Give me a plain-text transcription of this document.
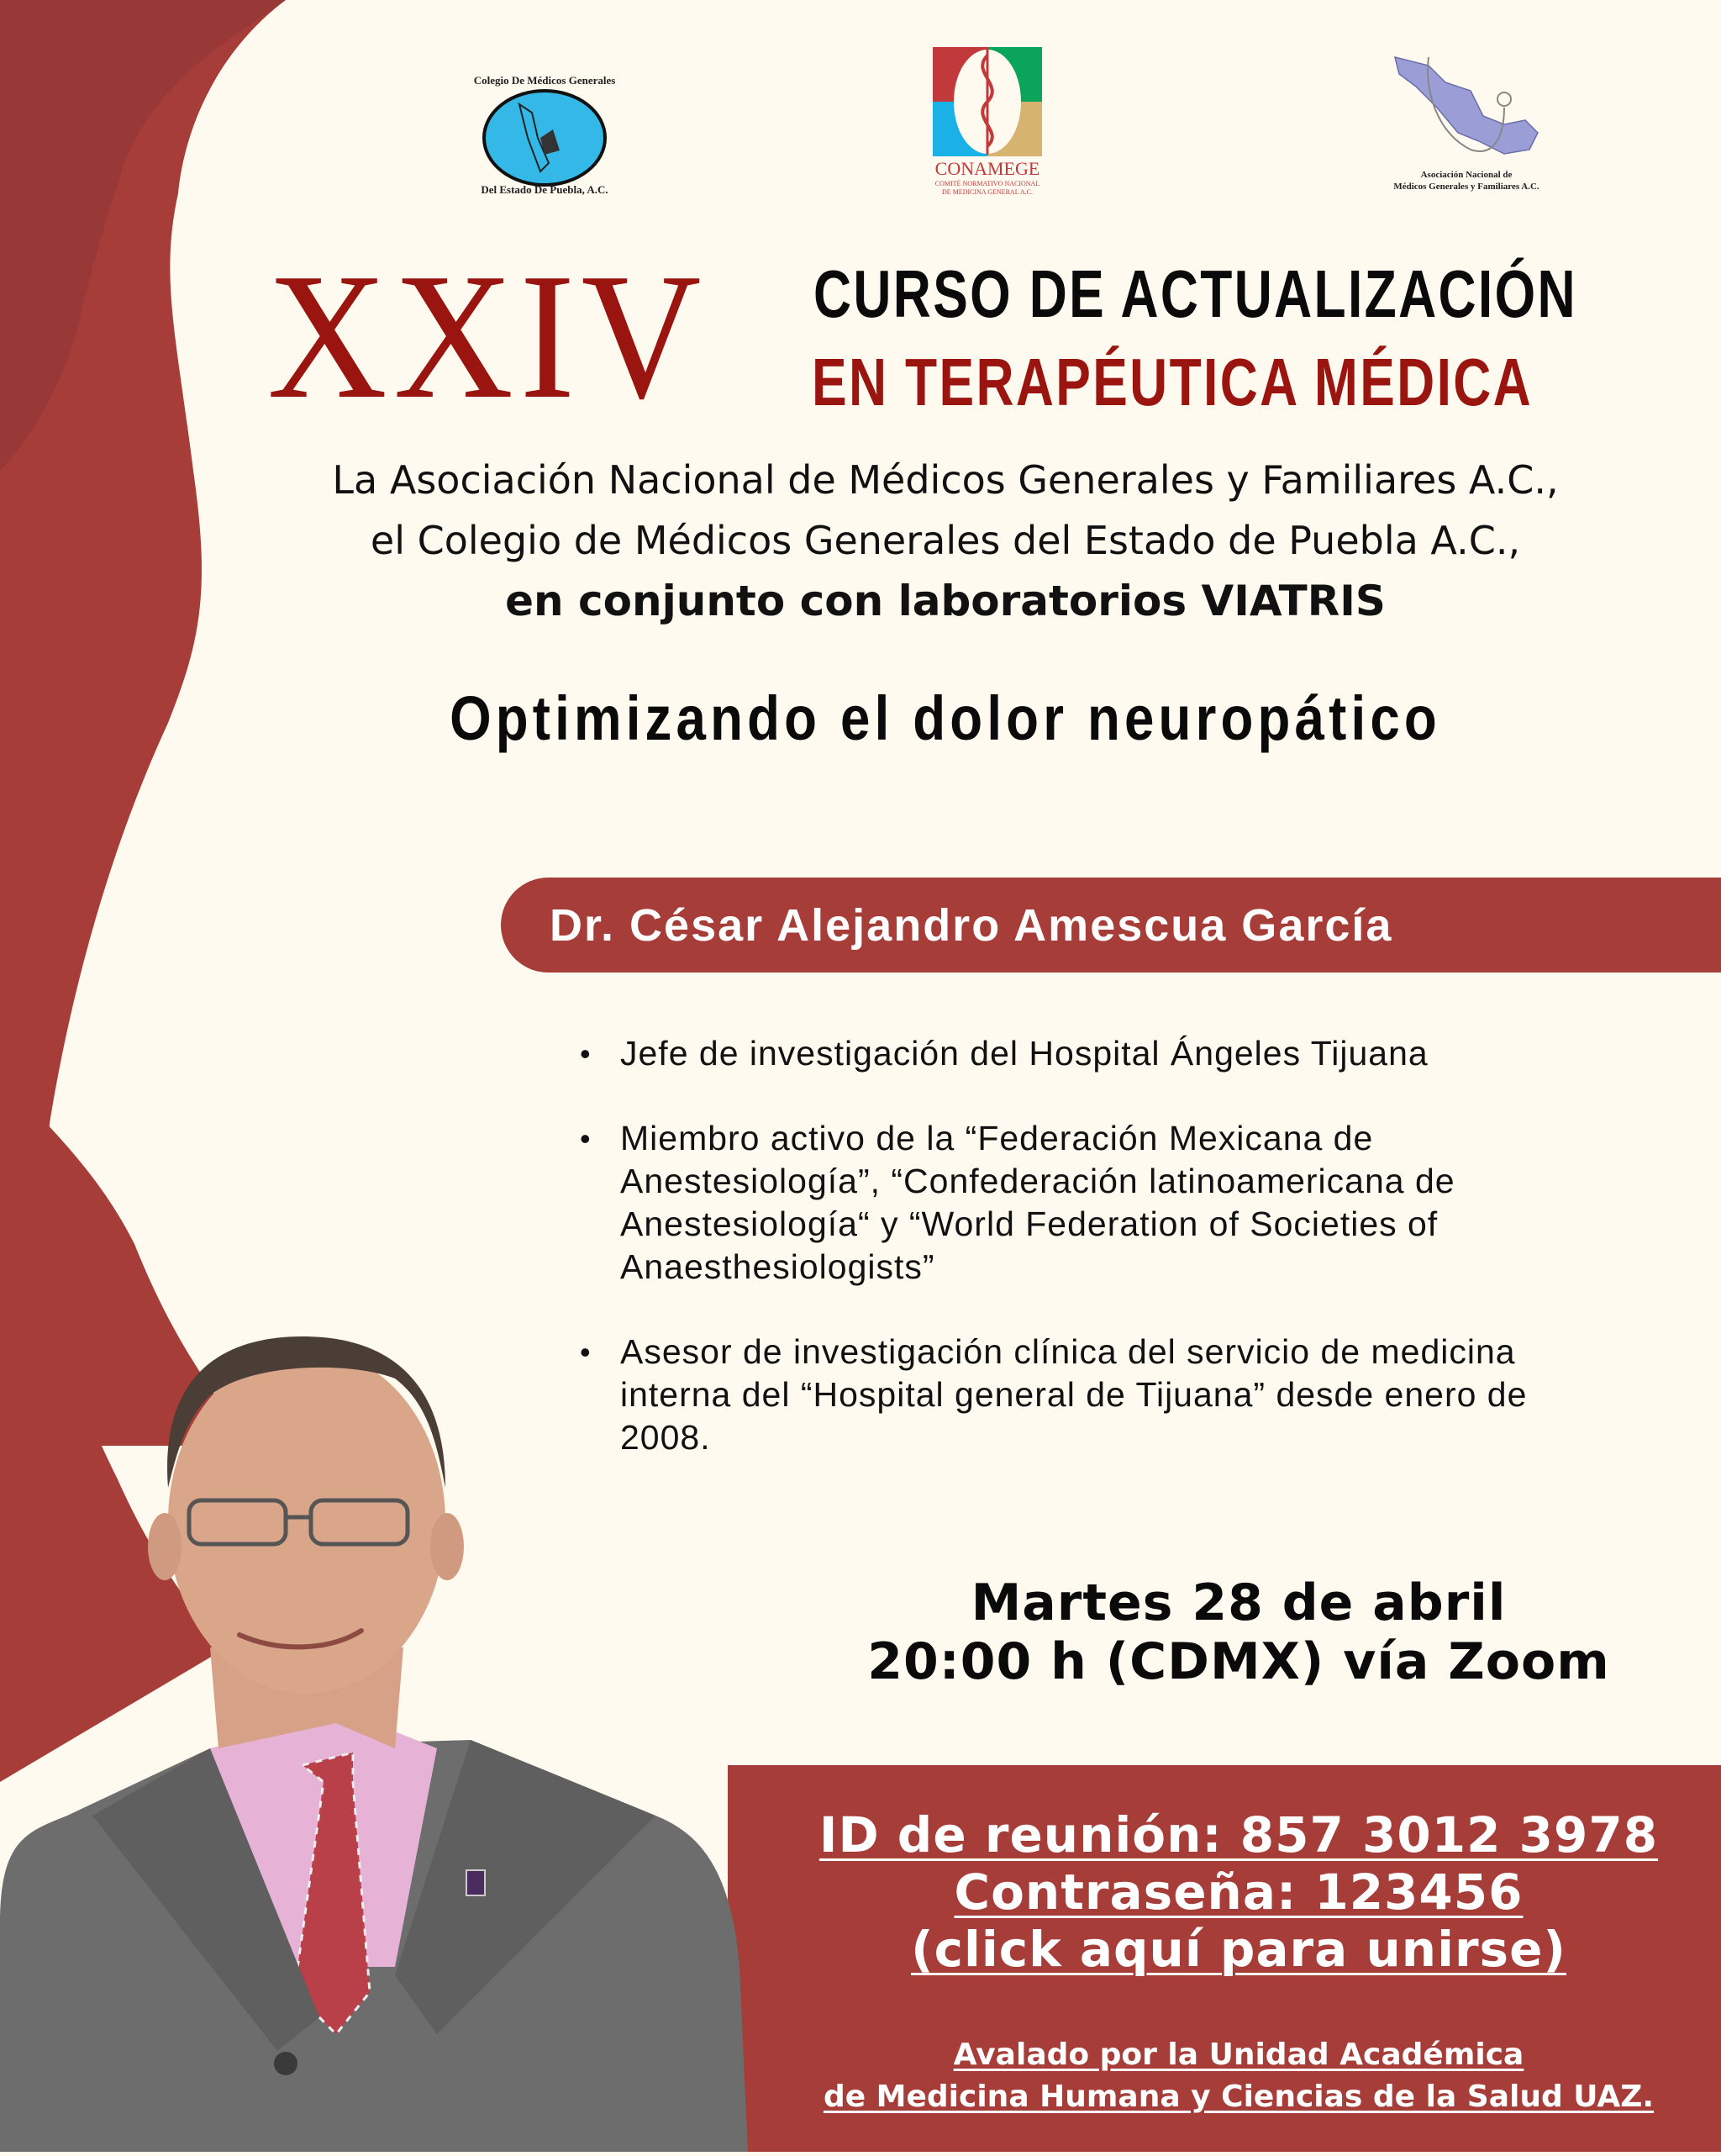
Colegio De Médicos Generales
Del Estado De Puebla, A.C.
CONAMEGE
COMITÉ NORMATIVO NACIONAL
DE MEDICINA GENERAL A.C.
Asociación Nacional de
Médicos Generales y Familiares A.C.
XXIV CURSO DE ACTUALIZACIÓN
EN TERAPÉUTICA MÉDICA
La Asociación Nacional de Médicos Generales y Familiares A.C.,
el Colegio de Médicos Generales del Estado de Puebla A.C.,
en conjunto con laboratorios VIATRIS
Optimizando el dolor neuropático
Dr. César Alejandro Amescua García
• Jefe de investigación del Hospital Ángeles Tijuana
• Miembro activo de la “Federación Mexicana de Anestesiología”, “Confederación latinoamericana de Anestesiología“ y “World Federation of Societies of Anaesthesiologists”
• Asesor de investigación clínica del servicio de medicina interna del “Hospital general de Tijuana” desde enero de 2008.
Martes 28 de abril
20:00 h (CDMX) vía Zoom
ID de reunión: 857 3012 3978
Contraseña: 123456
(click aquí para unirse)
Avalado por la Unidad Académica
de Medicina Humana y Ciencias de la Salud UAZ.
